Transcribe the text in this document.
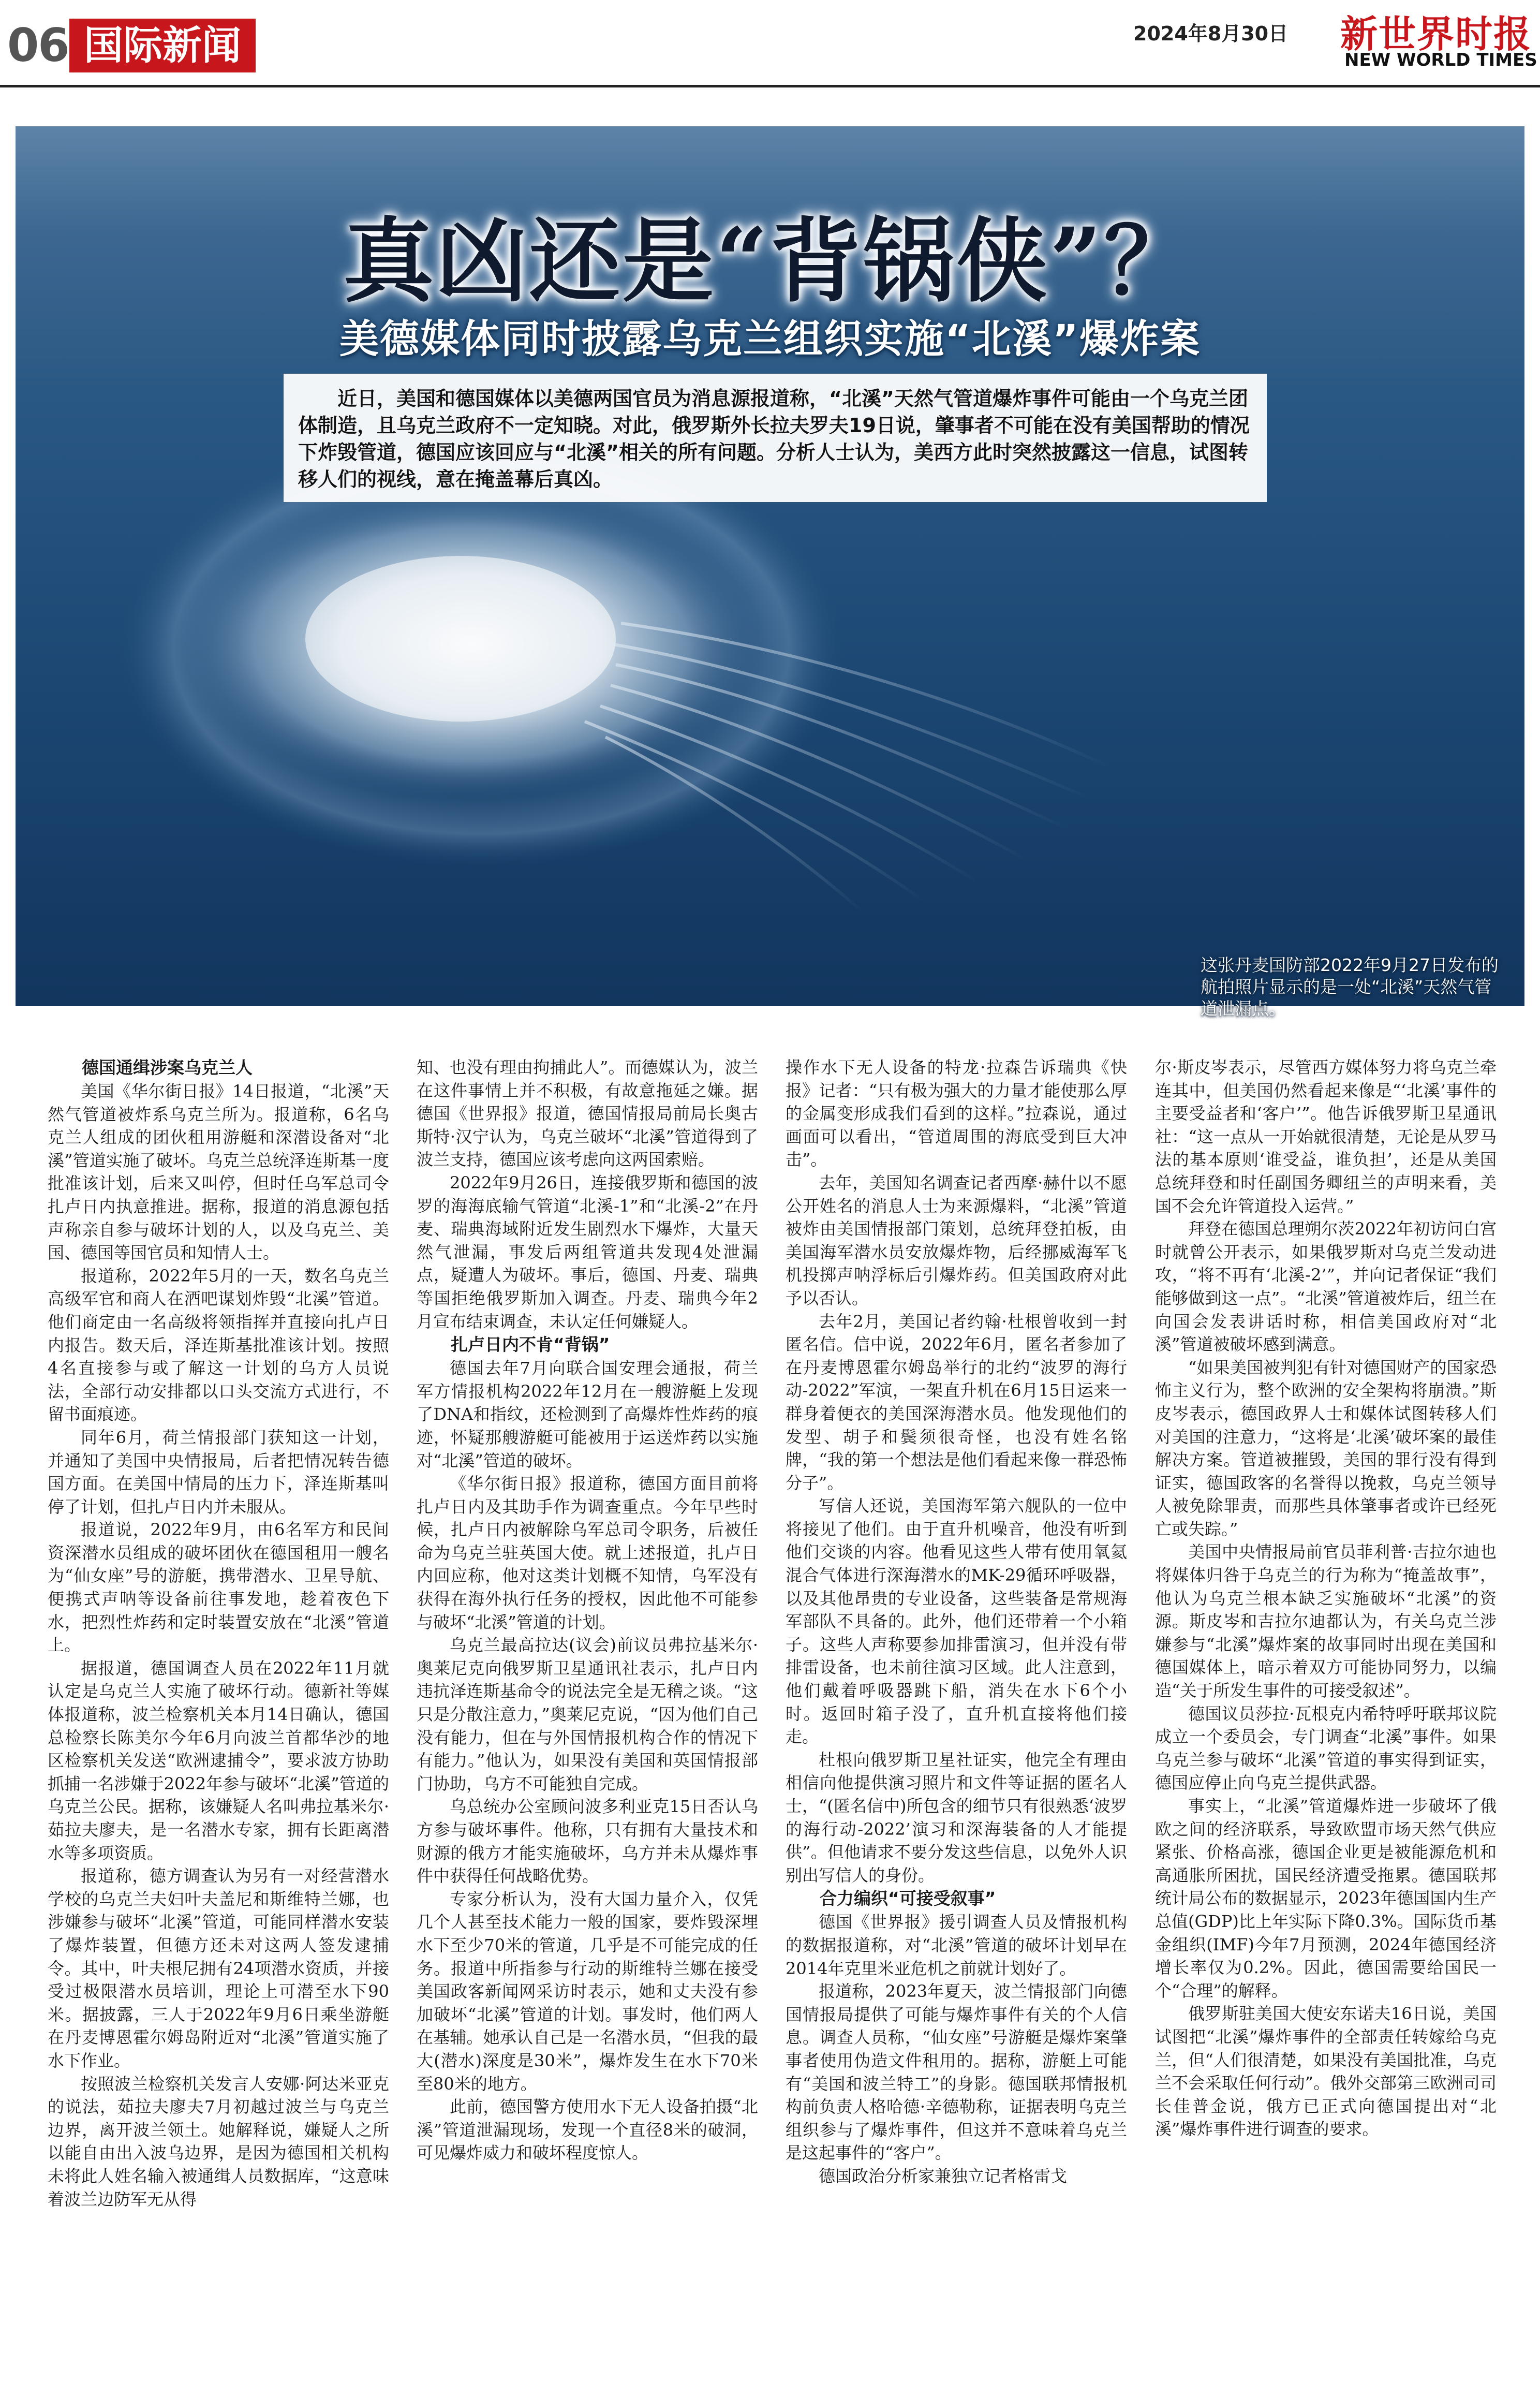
06 国际新闻	2024年8月30日 新世界时报
NEW WORLD TIMES
真凶还是“背锅侠”？
美德媒体同时披露乌克兰组织实施“北溪”爆炸案
近日，美国和德国媒体以美德两国官员为消息源报道称，“北溪”天然气管道爆炸事件可能由一个乌克兰团体制造，且乌克兰政府不一定知晓。对此，俄罗斯外长拉夫罗夫19日说，肇事者不可能在没有美国帮助的情况下炸毁管道，德国应该回应与“北溪”相关的所有问题。分析人士认为，美西方此时突然披露这一信息，试图转移人们的视线，意在掩盖幕后真凶。
这张丹麦国防部2022年9月27日发布的航拍照片显示的是一处“北溪”天然气管道泄漏点。
德国通缉涉案乌克兰人

美国《华尔街日报》14日报道，“北溪”天然气管道被炸系乌克兰所为。报道称，6名乌克兰人组成的团伙租用游艇和深潜设备对“北溪”管道实施了破坏。乌克兰总统泽连斯基一度批准该计划，后来又叫停，但时任乌军总司令扎卢日内执意推进。据称，报道的消息源包括声称亲自参与破坏计划的人，以及乌克兰、美国、德国等国官员和知情人士。

报道称，2022年5月的一天，数名乌克兰高级军官和商人在酒吧谋划炸毁“北溪”管道。他们商定由一名高级将领指挥并直接向扎卢日内报告。数天后，泽连斯基批准该计划。按照4名直接参与或了解这一计划的乌方人员说法，全部行动安排都以口头交流方式进行，不留书面痕迹。

同年6月，荷兰情报部门获知这一计划，并通知了美国中央情报局，后者把情况转告德国方面。在美国中情局的压力下，泽连斯基叫停了计划，但扎卢日内并未服从。

报道说，2022年9月，由6名军方和民间资深潜水员组成的破坏团伙在德国租用一艘名为“仙女座”号的游艇，携带潜水、卫星导航、便携式声呐等设备前往事发地，趁着夜色下水，把烈性炸药和定时装置安放在“北溪”管道上。

据报道，德国调查人员在2022年11月就认定是乌克兰人实施了破坏行动。德新社等媒体报道称，波兰检察机关本月14日确认，德国总检察长陈美尔今年6月向波兰首都华沙的地区检察机关发送“欧洲逮捕令”，要求波方协助抓捕一名涉嫌于2022年参与破坏“北溪”管道的乌克兰公民。据称，该嫌疑人名叫弗拉基米尔·茹拉夫廖夫，是一名潜水专家，拥有长距离潜水等多项资质。

报道称，德方调查认为另有一对经营潜水学校的乌克兰夫妇叶夫盖尼和斯维特兰娜，也涉嫌参与破坏“北溪”管道，可能同样潜水安装了爆炸装置，但德方还未对这两人签发逮捕令。其中，叶夫根尼拥有24项潜水资质，并接受过极限潜水员培训，理论上可潜至水下90米。据披露，三人于2022年9月6日乘坐游艇在丹麦博恩霍尔姆岛附近对“北溪”管道实施了水下作业。

按照波兰检察机关发言人安娜·阿达米亚克的说法，茹拉夫廖夫7月初越过波兰与乌克兰边界，离开波兰领土。她解释说，嫌疑人之所以能自由出入波乌边界，是因为德国相关机构未将此人姓名输入被通缉人员数据库，“这意味着波兰边防军无从得

知、也没有理由拘捕此人”。而德媒认为，波兰在这件事情上并不积极，有故意拖延之嫌。据德国《世界报》报道，德国情报局前局长奥古斯特·汉宁认为，乌克兰破坏“北溪”管道得到了波兰支持，德国应该考虑向这两国索赔。

2022年9月26日，连接俄罗斯和德国的波罗的海海底输气管道“北溪-1”和“北溪-2”在丹麦、瑞典海域附近发生剧烈水下爆炸，大量天然气泄漏，事发后两组管道共发现4处泄漏点，疑遭人为破坏。事后，德国、丹麦、瑞典等国拒绝俄罗斯加入调查。丹麦、瑞典今年2月宣布结束调查，未认定任何嫌疑人。

扎卢日内不肯“背锅”

德国去年7月向联合国安理会通报，荷兰军方情报机构2022年12月在一艘游艇上发现了DNA和指纹，还检测到了高爆炸性炸药的痕迹，怀疑那艘游艇可能被用于运送炸药以实施对“北溪”管道的破坏。

《华尔街日报》报道称，德国方面目前将扎卢日内及其助手作为调查重点。今年早些时候，扎卢日内被解除乌军总司令职务，后被任命为乌克兰驻英国大使。就上述报道，扎卢日内回应称，他对这类计划概不知情，乌军没有获得在海外执行任务的授权，因此他不可能参与破坏“北溪”管道的计划。

乌克兰最高拉达(议会)前议员弗拉基米尔·奥莱尼克向俄罗斯卫星通讯社表示，扎卢日内违抗泽连斯基命令的说法完全是无稽之谈。“这只是分散注意力，”奥莱尼克说，“因为他们自己没有能力，但在与外国情报机构合作的情况下有能力。”他认为，如果没有美国和英国情报部门协助，乌方不可能独自完成。

乌总统办公室顾问波多利亚克15日否认乌方参与破坏事件。他称，只有拥有大量技术和财源的俄方才能实施破坏，乌方并未从爆炸事件中获得任何战略优势。

专家分析认为，没有大国力量介入，仅凭几个人甚至技术能力一般的国家，要炸毁深埋水下至少70米的管道，几乎是不可能完成的任务。报道中所指参与行动的斯维特兰娜在接受美国政客新闻网采访时表示，她和丈夫没有参加破坏“北溪”管道的计划。事发时，他们两人在基辅。她承认自己是一名潜水员，“但我的最大(潜水)深度是30米”，爆炸发生在水下70米至80米的地方。

此前，德国警方使用水下无人设备拍摄“北溪”管道泄漏现场，发现一个直径8米的破洞，可见爆炸威力和破坏程度惊人。

操作水下无人设备的特龙·拉森告诉瑞典《快报》记者：“只有极为强大的力量才能使那么厚的金属变形成我们看到的这样。”拉森说，通过画面可以看出，“管道周围的海底受到巨大冲击”。

去年，美国知名调查记者西摩·赫什以不愿公开姓名的消息人士为来源爆料，“北溪”管道被炸由美国情报部门策划，总统拜登拍板，由美国海军潜水员安放爆炸物，后经挪威海军飞机投掷声呐浮标后引爆炸药。但美国政府对此予以否认。

去年2月，美国记者约翰·杜根曾收到一封匿名信。信中说，2022年6月，匿名者参加了在丹麦博恩霍尔姆岛举行的北约“波罗的海行动-2022”军演，一架直升机在6月15日运来一群身着便衣的美国深海潜水员。他发现他们的发型、胡子和鬓须很奇怪，也没有姓名铭牌，“我的第一个想法是他们看起来像一群恐怖分子”。

写信人还说，美国海军第六舰队的一位中将接见了他们。由于直升机噪音，他没有听到他们交谈的内容。他看见这些人带有使用氧氦混合气体进行深海潜水的MK-29循环呼吸器，以及其他昂贵的专业设备，这些装备是常规海军部队不具备的。此外，他们还带着一个小箱子。这些人声称要参加排雷演习，但并没有带排雷设备，也未前往演习区域。此人注意到，他们戴着呼吸器跳下船，消失在水下6个小时。返回时箱子没了，直升机直接将他们接走。

杜根向俄罗斯卫星社证实，他完全有理由相信向他提供演习照片和文件等证据的匿名人士，“(匿名信中)所包含的细节只有很熟悉‘波罗的海行动-2022’演习和深海装备的人才能提供”。但他请求不要分发这些信息，以免外人识别出写信人的身份。

合力编织“可接受叙事”

德国《世界报》援引调查人员及情报机构的数据报道称，对“北溪”管道的破坏计划早在2014年克里米亚危机之前就计划好了。

报道称，2023年夏天，波兰情报部门向德国情报局提供了可能与爆炸事件有关的个人信息。调查人员称，“仙女座”号游艇是爆炸案肇事者使用伪造文件租用的。据称，游艇上可能有“美国和波兰特工”的身影。德国联邦情报机构前负责人格哈德·辛德勒称，证据表明乌克兰组织参与了爆炸事件，但这并不意味着乌克兰是这起事件的“客户”。

德国政治分析家兼独立记者格雷戈

尔·斯皮岑表示，尽管西方媒体努力将乌克兰牵连其中，但美国仍然看起来像是“‘北溪’事件的主要受益者和‘客户’”。他告诉俄罗斯卫星通讯社：“这一点从一开始就很清楚，无论是从罗马法的基本原则‘谁受益，谁负担’，还是从美国总统拜登和时任副国务卿纽兰的声明来看，美国不会允许管道投入运营。”

拜登在德国总理朔尔茨2022年初访问白宫时就曾公开表示，如果俄罗斯对乌克兰发动进攻，“将不再有‘北溪-2’”，并向记者保证“我们能够做到这一点”。“北溪”管道被炸后，纽兰在向国会发表讲话时称，相信美国政府对“北溪”管道被破坏感到满意。

“如果美国被判犯有针对德国财产的国家恐怖主义行为，整个欧洲的安全架构将崩溃。”斯皮岑表示，德国政界人士和媒体试图转移人们对美国的注意力，“这将是‘北溪’破坏案的最佳解决方案。管道被摧毁，美国的罪行没有得到证实，德国政客的名誉得以挽救，乌克兰领导人被免除罪责，而那些具体肇事者或许已经死亡或失踪。”

美国中央情报局前官员菲利普·吉拉尔迪也将媒体归咎于乌克兰的行为称为“掩盖故事”，他认为乌克兰根本缺乏实施破坏“北溪”的资源。斯皮岑和吉拉尔迪都认为，有关乌克兰涉嫌参与“北溪”爆炸案的故事同时出现在美国和德国媒体上，暗示着双方可能协同努力，以编造“关于所发生事件的可接受叙述”。

德国议员莎拉·瓦根克内希特呼吁联邦议院成立一个委员会，专门调查“北溪”事件。如果乌克兰参与破坏“北溪”管道的事实得到证实，德国应停止向乌克兰提供武器。

事实上，“北溪”管道爆炸进一步破坏了俄欧之间的经济联系，导致欧盟市场天然气供应紧张、价格高涨，德国企业更是被能源危机和高通胀所困扰，国民经济遭受拖累。德国联邦统计局公布的数据显示，2023年德国国内生产总值(GDP)比上年实际下降0.3%。国际货币基金组织(IMF)今年7月预测，2024年德国经济增长率仅为0.2%。因此，德国需要给国民一个“合理”的解释。

俄罗斯驻美国大使安东诺夫16日说，美国试图把“北溪”爆炸事件的全部责任转嫁给乌克兰，但“人们很清楚，如果没有美国批准，乌克兰不会采取任何行动”。俄外交部第三欧洲司司长佳普金说，俄方已正式向德国提出对“北溪”爆炸事件进行调查的要求。
